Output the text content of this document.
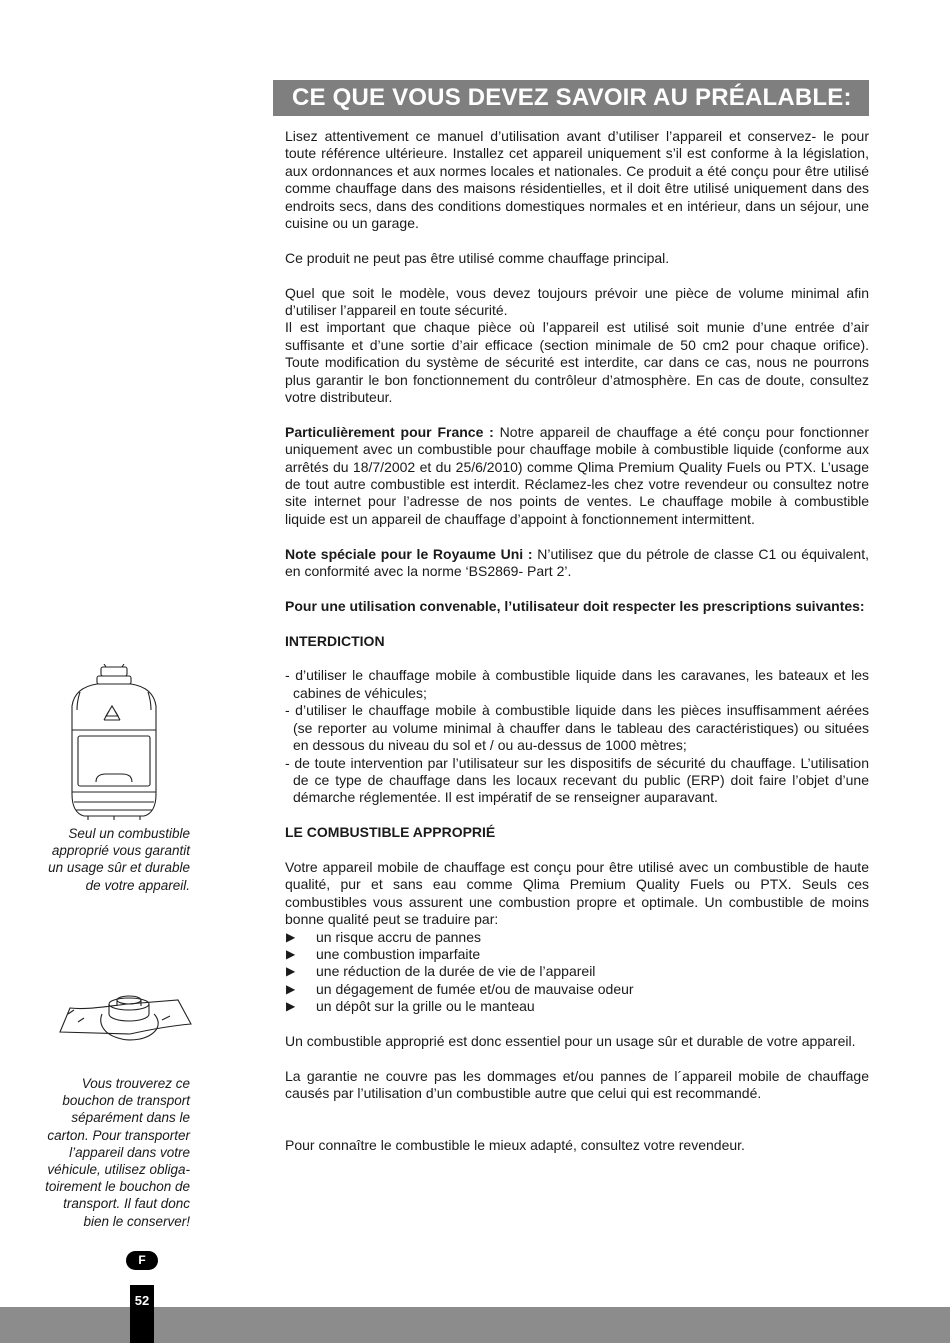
CE QUE VOUS DEVEZ SAVOIR AU PRÉALABLE:

Lisez attentivement ce manuel d’utilisation avant d’utiliser l’appareil et conservez- le pour toute référence ultérieure. Installez cet appareil uniquement s’il est conforme à la législation, aux ordonnances et aux normes locales et nationales. Ce produit a été conçu pour être utilisé comme chauffage dans des maisons résidentielles, et il doit être utilisé uniquement dans des endroits secs, dans des conditions domestiques normales et en intérieur, dans un séjour, une cuisine ou un garage.

Ce produit ne peut pas être utilisé comme chauffage principal.

Quel que soit le modèle, vous devez toujours prévoir une pièce de volume minimal afin d’utiliser l’appareil en toute sécurité.

Il est important que chaque pièce où l’appareil est utilisé soit munie d’une entrée d’air suffisante et d’une sortie d’air efficace (section minimale de 50 cm2 pour chaque orifice). Toute modification du système de sécurité est interdite, car dans ce cas, nous ne pourrons plus garantir le bon fonctionnement du contrôleur d’atmosphère. En cas de doute, consultez votre distributeur.

Particulièrement pour France : Notre appareil de chauffage a été conçu pour fonctionner uniquement avec un combustible pour chauffage mobile à combustible liquide (conforme aux arrêtés du 18/7/2002 et du 25/6/2010) comme Qlima Premium Quality Fuels ou PTX. L’usage de tout autre combustible est interdit. Réclamez-les chez votre revendeur ou consultez notre site internet pour l’adresse de nos points de ventes. Le chauffage mobile à combustible liquide est un appareil de chauffage d’appoint à fonctionnement intermittent.

Note spéciale pour le Royaume Uni : N’utilisez que du pétrole de classe C1 ou équivalent, en conformité avec la norme ‘BS2869- Part 2’.

Pour une utilisation convenable, l’utilisateur doit respecter les prescriptions suivantes:

INTERDICTION

- d’utiliser le chauffage mobile à combustible liquide dans les caravanes, les bateaux et les cabines de véhicules;
- d’utiliser le chauffage mobile à combustible liquide dans les pièces insuffisamment aérées (se reporter au volume minimal à chauffer dans le tableau des caractéristiques) ou situées en dessous du niveau du sol et / ou au-dessus de 1000 mètres;
- de toute intervention par l’utilisateur sur les dispositifs de sécurité du chauffage. L’utilisation de ce type de chauffage dans les locaux recevant du public (ERP) doit faire l’objet d’une démarche réglementée. Il est impératif de se renseigner auparavant.

LE COMBUSTIBLE APPROPRIÉ

Votre appareil mobile de chauffage est conçu pour être utilisé avec un combustible de haute qualité, pur et sans eau comme Qlima Premium Quality Fuels ou PTX. Seuls ces combustibles vous assurent une combustion propre et optimale. Un combustible de moins bonne qualité peut se traduire par:

▶ un risque accru de pannes
▶ une combustion imparfaite
▶ une réduction de la durée de vie de l’appareil
▶ un dégagement de fumée et/ou de mauvaise odeur
▶ un dépôt sur la grille ou le manteau

Un combustible approprié est donc essentiel pour un usage sûr et durable de votre appareil.

La garantie ne couvre pas les dommages et/ou pannes de l´appareil mobile de chauffage causés par l’utilisation d’un combustible autre que celui qui est recommandé.

Pour connaître le combustible le mieux adapté, consultez votre revendeur.

Seul un combustible approprié vous garantit un usage sûr et durable de votre appareil.
Vous trouverez ce bouchon de transport séparément dans le carton. Pour transporter l’appareil dans votre véhicule, utilisez obliga-toirement le bouchon de transport. Il faut donc bien le conserver!
F
52
